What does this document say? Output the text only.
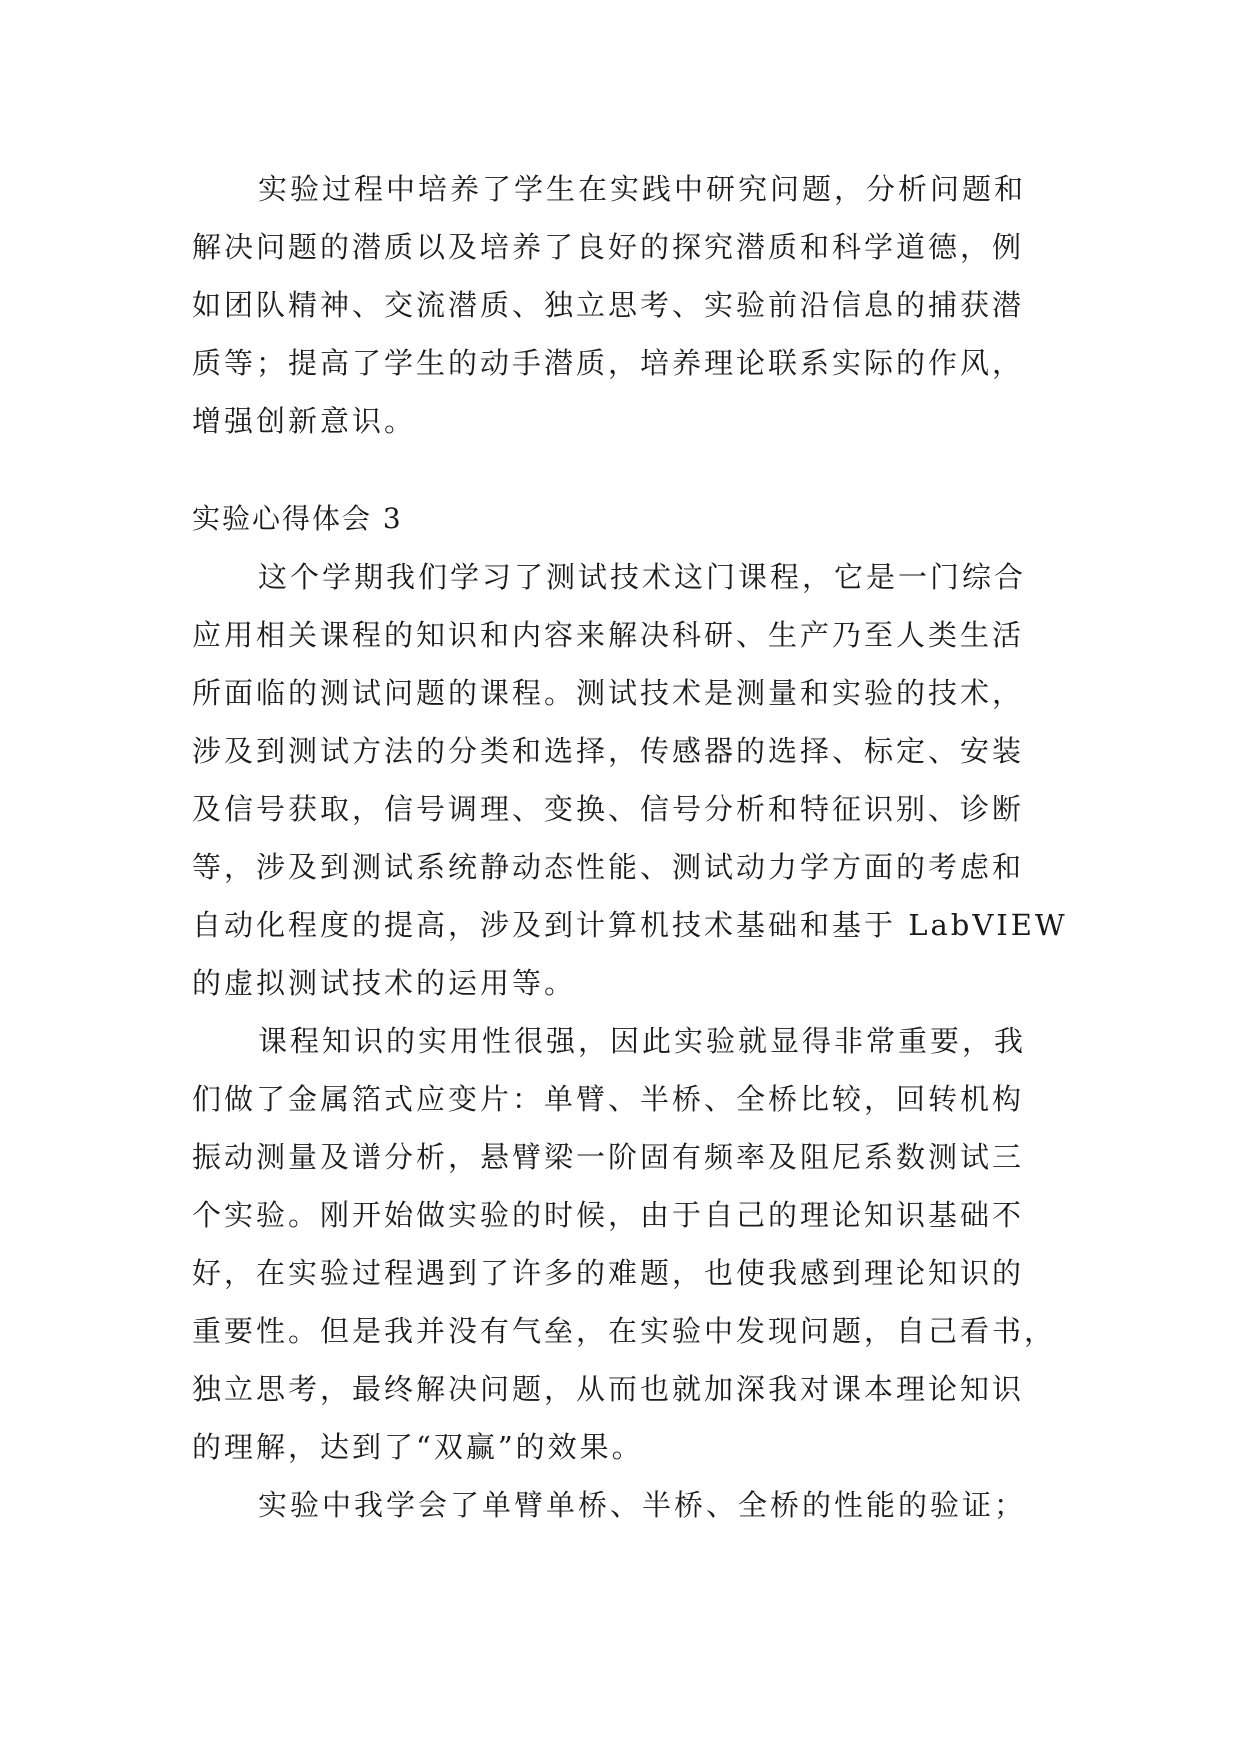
实验过程中培养了学生在实践中研究问题，分析问题和
解决问题的潜质以及培养了良好的探究潜质和科学道德，例
如团队精神、交流潜质、独立思考、实验前沿信息的捕获潜
质等；提高了学生的动手潜质，培养理论联系实际的作风，
增强创新意识。
实验心得体会 3
这个学期我们学习了测试技术这门课程，它是一门综合
应用相关课程的知识和内容来解决科研、生产乃至人类生活
所面临的测试问题的课程。测试技术是测量和实验的技术，
涉及到测试方法的分类和选择，传感器的选择、标定、安装
及信号获取，信号调理、变换、信号分析和特征识别、诊断
等，涉及到测试系统静动态性能、测试动力学方面的考虑和
自动化程度的提高，涉及到计算机技术基础和基于 LabVIEW
的虚拟测试技术的运用等。
课程知识的实用性很强，因此实验就显得非常重要，我
们做了金属箔式应变片：单臂、半桥、全桥比较，回转机构
振动测量及谱分析，悬臂梁一阶固有频率及阻尼系数测试三
个实验。刚开始做实验的时候，由于自己的理论知识基础不
好，在实验过程遇到了许多的难题，也使我感到理论知识的
重要性。但是我并没有气垒，在实验中发现问题，自己看书，
独立思考，最终解决问题，从而也就加深我对课本理论知识
的理解，达到了“双赢”的效果。
实验中我学会了单臂单桥、半桥、全桥的性能的验证；
